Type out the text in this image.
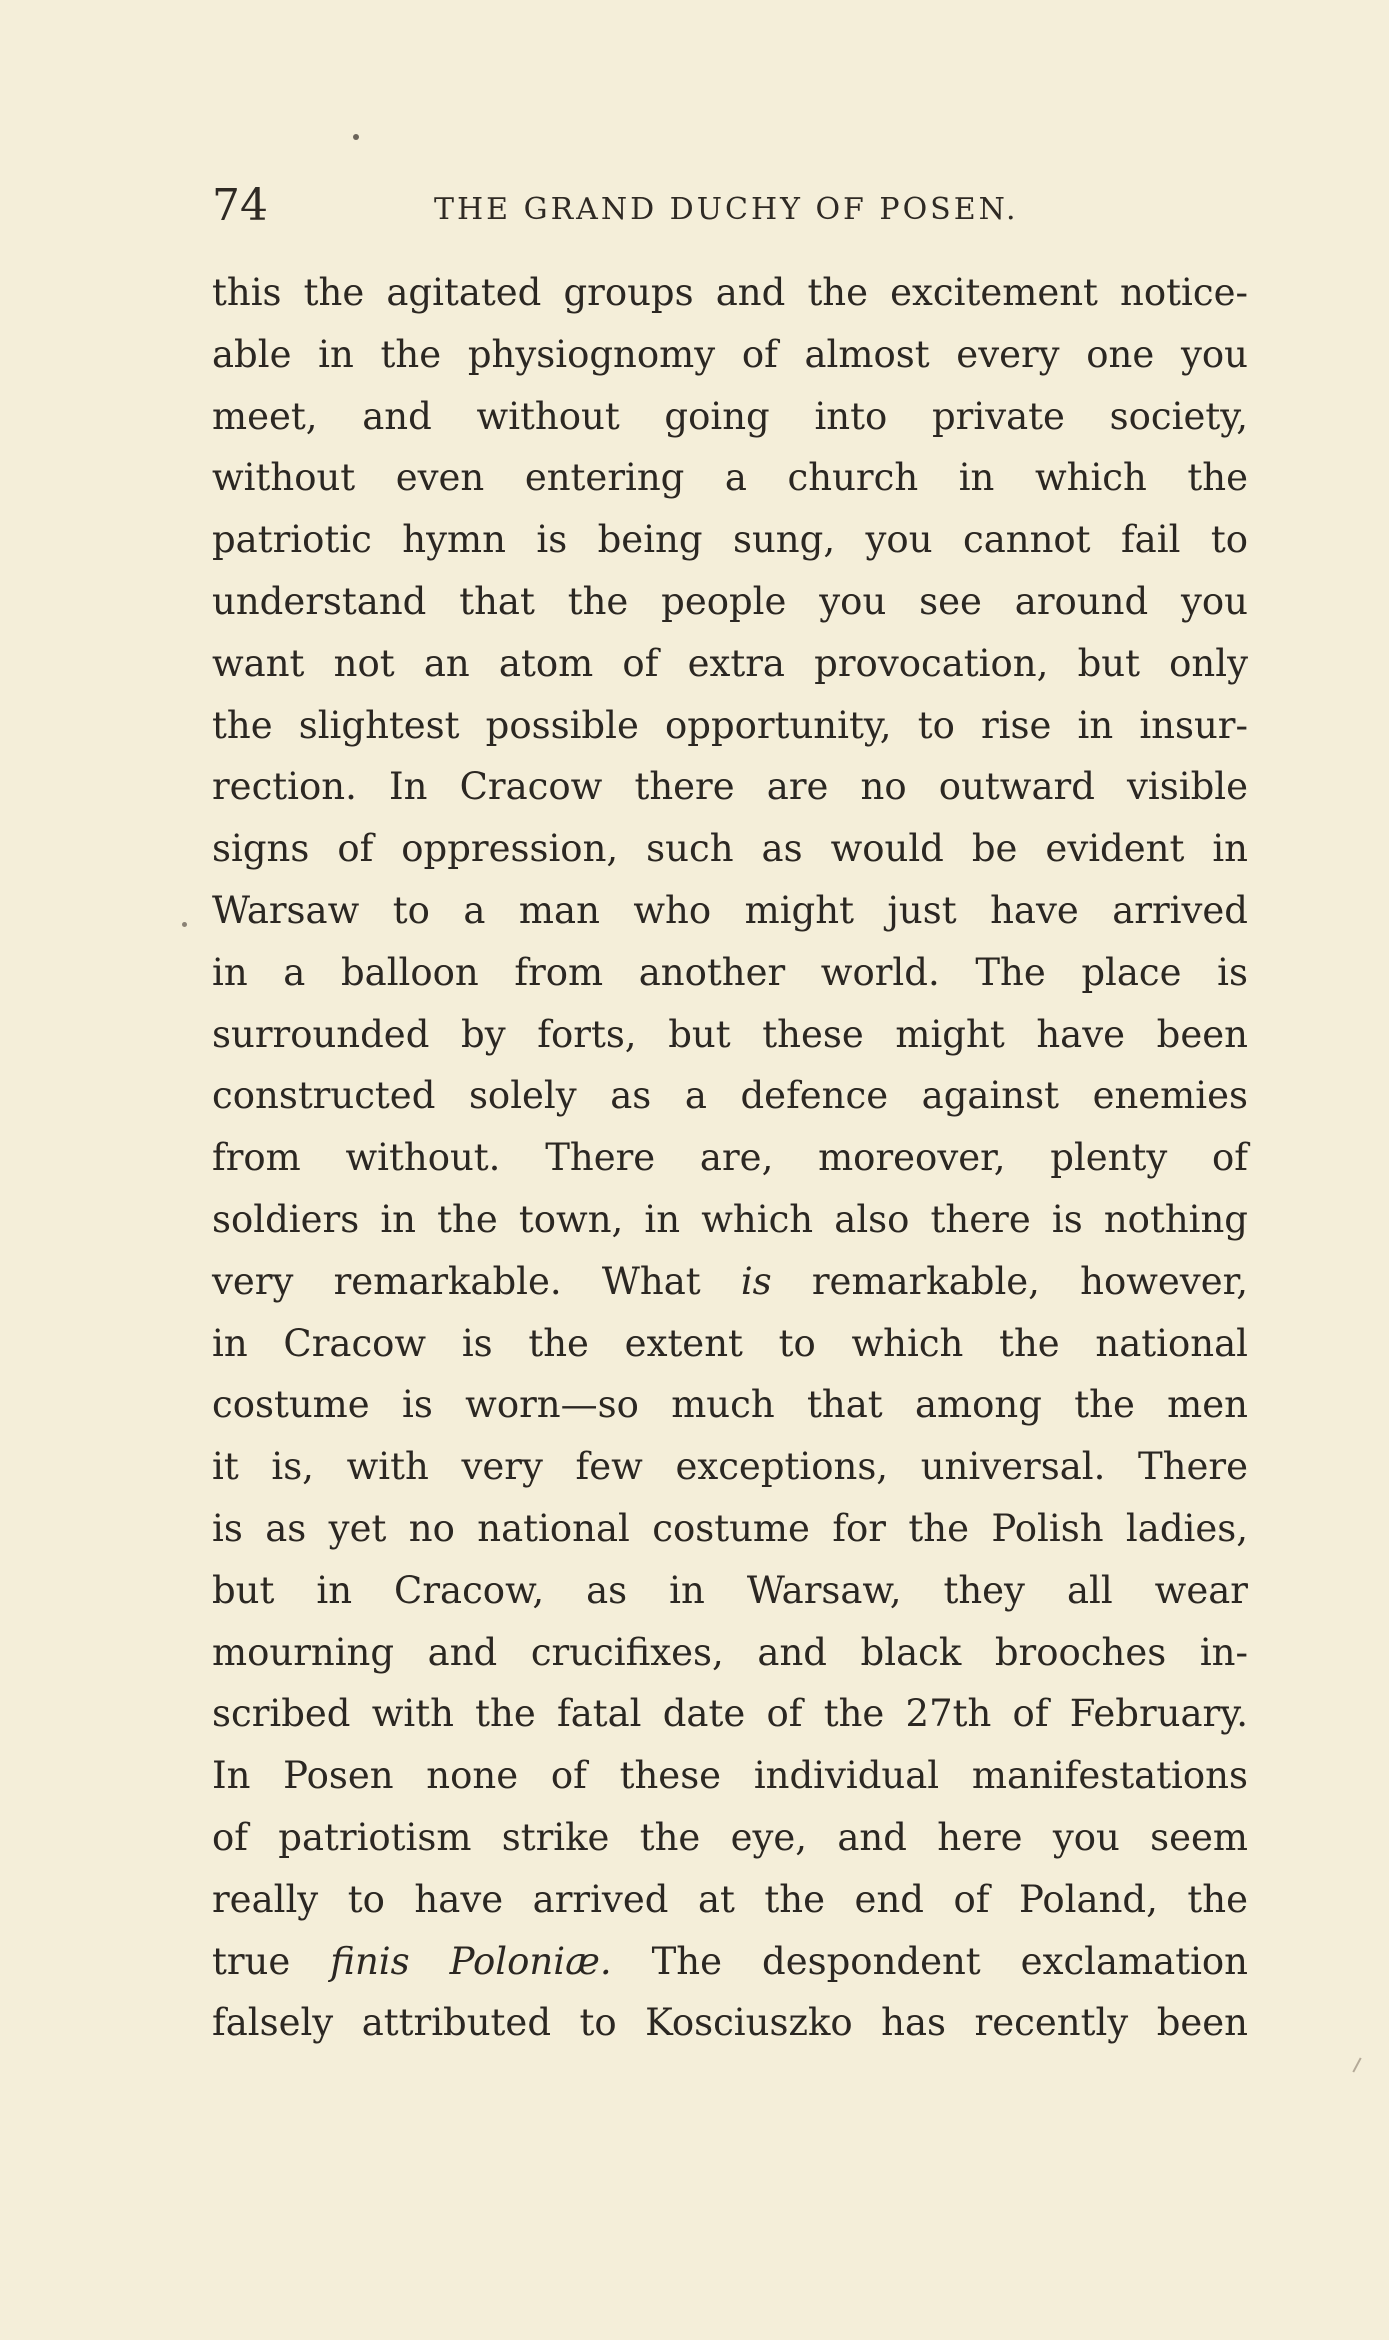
74	THE GRAND DUCHY OF POSEN.
this the agitated groups and the excitement notice-
able in the physiognomy of almost every one you
meet, and without going into private society,
without even entering a church in which the
patriotic hymn is being sung, you cannot fail to
understand that the people you see around you
want not an atom of extra provocation, but only
the slightest possible opportunity, to rise in insur-
rection. In Cracow there are no outward visible
signs of oppression, such as would be evident in
Warsaw to a man who might just have arrived
in a balloon from another world. The place is
surrounded by forts, but these might have been
constructed solely as a defence against enemies
from without. There are, moreover, plenty of
soldiers in the town, in which also there is nothing
very remarkable. What is remarkable, however,
in Cracow is the extent to which the national
costume is worn—so much that among the men
it is, with very few exceptions, universal. There
is as yet no national costume for the Polish ladies,
but in Cracow, as in Warsaw, they all wear
mourning and crucifixes, and black brooches in-
scribed with the fatal date of the 27th of February.
In Posen none of these individual manifestations
of patriotism strike the eye, and here you seem
really to have arrived at the end of Poland, the
true finis Poloniæ. The despondent exclamation
falsely attributed to Kosciuszko has recently been
